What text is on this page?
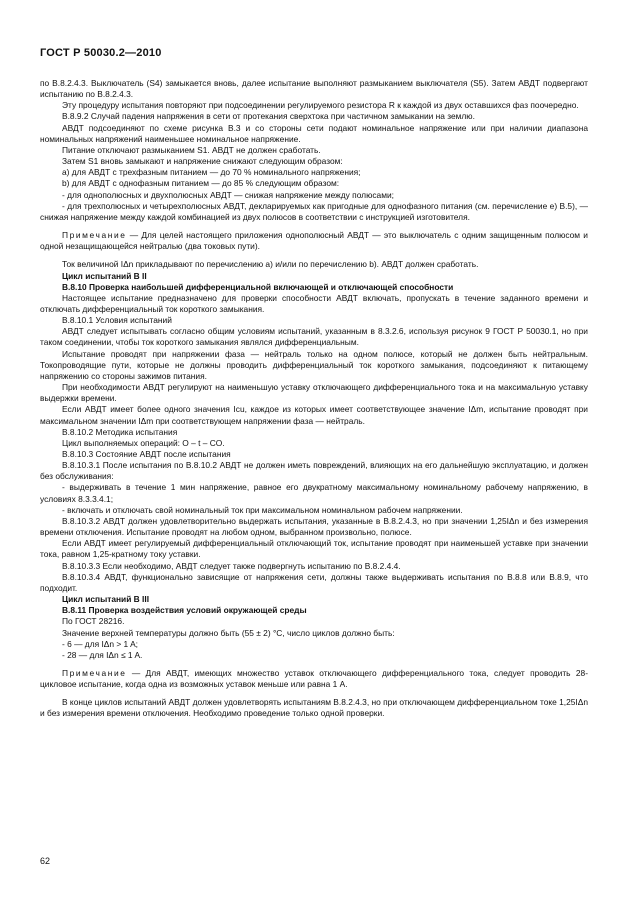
ГОСТ Р 50030.2—2010

по В.8.2.4.3. Выключатель (S4) замыкается вновь, далее испытание выполняют размыканием выключателя (S5). Затем АВДТ подвергают испытанию по В.8.2.4.3.

Эту процедуру испытания повторяют при подсоединении регулируемого резистора R к каждой из двух оставшихся фаз поочередно.

В.8.9.2 Случай падения напряжения в сети от протекания сверхтока при частичном замыкании на землю.

АВДТ подсоединяют по схеме рисунка В.3 и со стороны сети подают номинальное напряжение или при наличии диапазона номинальных напряжений наименьшее номинальное напряжение.

Питание отключают размыканием S1. АВДТ не должен сработать.

Затем S1 вновь замыкают и напряжение снижают следующим образом:

a) для АВДТ с трехфазным питанием — до 70 % номинального напряжения;

b) для АВДТ с однофазным питанием — до 85 % следующим образом:

- для однополюсных и двухполюсных АВДТ — снижая напряжение между полюсами;

- для трехполюсных и четырехполюсных АВДТ, декларируемых как пригодные для однофазного питания (см. перечисление е) В.5), — снижая напряжение между каждой комбинацией из двух полюсов в соответствии с инструкцией изготовителя.

Примечание — Для целей настоящего приложения однополюсный АВДТ — это выключатель с одним защищенным полюсом и одной незащищающейся нейтралью (два токовых пути).

Ток величиной IΔn прикладывают по перечислению a) и/или по перечислению b). АВДТ должен сработать.

Цикл испытаний В II

В.8.10 Проверка наибольшей дифференциальной включающей и отключающей способности

Настоящее испытание предназначено для проверки способности АВДТ включать, пропускать в течение заданного времени и отключать дифференциальный ток короткого замыкания.

В.8.10.1 Условия испытаний

АВДТ следует испытывать согласно общим условиям испытаний, указанным в 8.3.2.6, используя рисунок 9 ГОСТ Р 50030.1, но при таком соединении, чтобы ток короткого замыкания являлся дифференциальным.

Испытание проводят при напряжении фаза — нейтраль только на одном полюсе, который не должен быть нейтральным. Токопроводящие пути, которые не должны проводить дифференциальный ток короткого замыкания, подсоединяют к питающему напряжению со стороны зажимов питания.

При необходимости АВДТ регулируют на наименьшую уставку отключающего дифференциального тока и на максимальную уставку выдержки времени.

Если АВДТ имеет более одного значения Icu, каждое из которых имеет соответствующее значение IΔm, испытание проводят при максимальном значении IΔm при соответствующем напряжении фаза — нейтраль.

В.8.10.2 Методика испытания

Цикл выполняемых операций: O – t – CO.

В.8.10.3 Состояние АВДТ после испытания

В.8.10.3.1 После испытания по В.8.10.2 АВДТ не должен иметь повреждений, влияющих на его дальнейшую эксплуатацию, и должен без обслуживания:

- выдерживать в течение 1 мин напряжение, равное его двукратному максимальному номинальному рабочему напряжению, в условиях 8.3.3.4.1;

- включать и отключать свой номинальный ток при максимальном номинальном рабочем напряжении.

В.8.10.3.2 АВДТ должен удовлетворительно выдержать испытания, указанные в В.8.2.4.3, но при значении 1,25IΔn и без измерения времени отключения. Испытание проводят на любом одном, выбранном произвольно, полюсе.

Если АВДТ имеет регулируемый дифференциальный отключающий ток, испытание проводят при наименьшей уставке при значении тока, равном 1,25-кратному току уставки.

В.8.10.3.3 Если необходимо, АВДТ следует также подвергнуть испытанию по В.8.2.4.4.

В.8.10.3.4 АВДТ, функционально зависящие от напряжения сети, должны также выдерживать испытания по В.8.8 или В.8.9, что подходит.

Цикл испытаний В III

В.8.11 Проверка воздействия условий окружающей среды

По ГОСТ 28216.

Значение верхней температуры должно быть (55 ± 2) °С, число циклов должно быть:

- 6 — для IΔn > 1 A;

- 28 — для IΔn ≤ 1 A.

Примечание — Для АВДТ, имеющих множество уставок отключающего дифференциального тока, следует проводить 28-цикловое испытание, когда одна из возможных уставок меньше или равна 1 А.

В конце циклов испытаний АВДТ должен удовлетворять испытаниям В.8.2.4.3, но при отключающем дифференциальном токе 1,25IΔn и без измерения времени отключения. Необходимо проведение только одной проверки.

62
